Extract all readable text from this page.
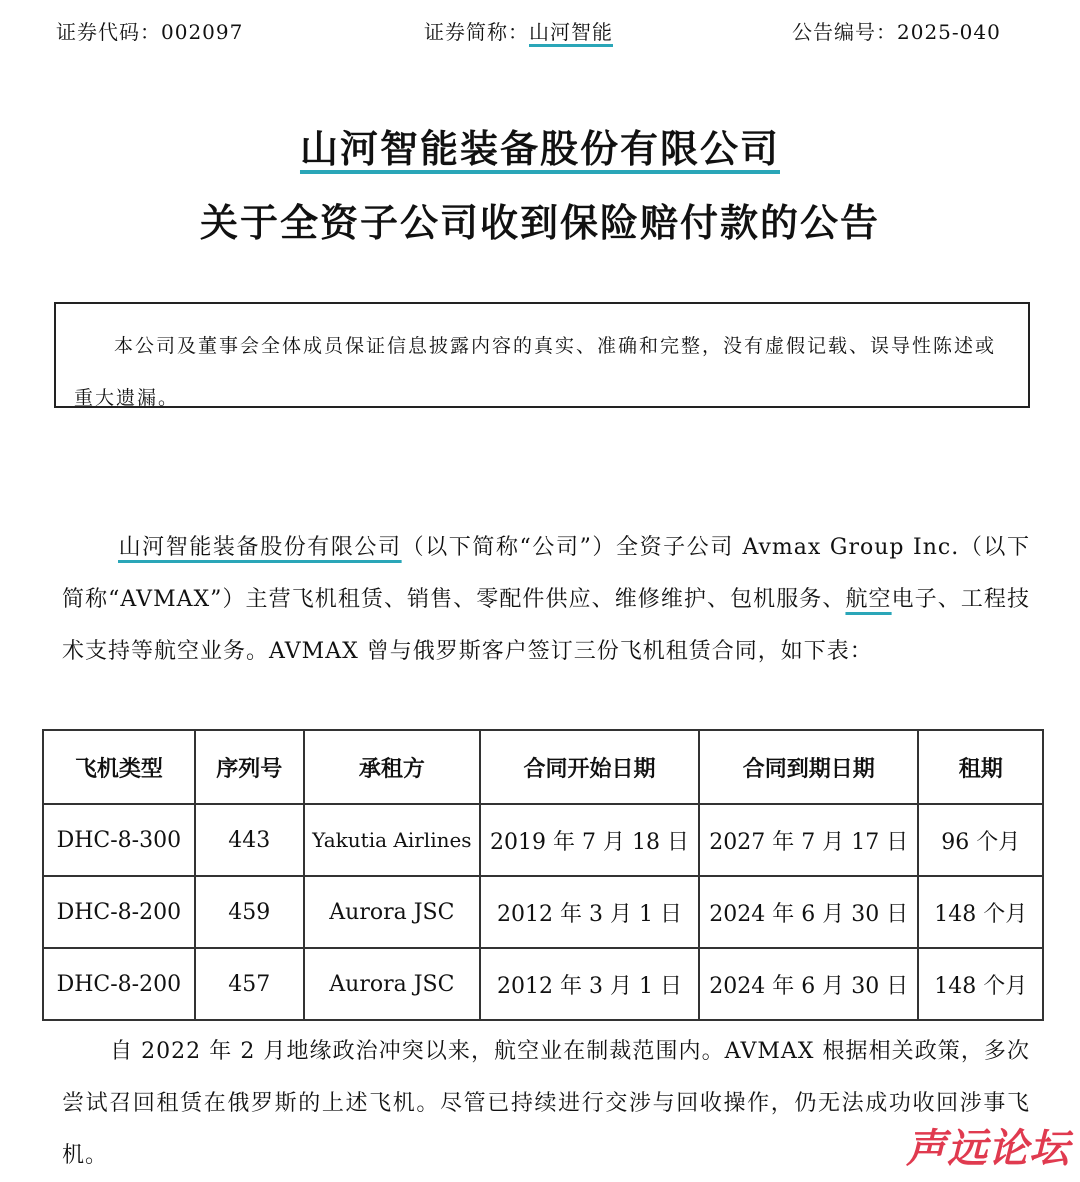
证券代码：002097	证券简称：山河智能	公告编号：2025-040
山河智能装备股份有限公司
关于全资子公司收到保险赔付款的公告
本公司及董事会全体成员保证信息披露内容的真实、准确和完整，没有虚假记载、误导性陈述或重大遗漏。
山河智能装备股份有限公司（以下简称“公司”）全资子公司 Avmax Group Inc.（以下简称“AVMAX”）主营飞机租赁、销售、零配件供应、维修维护、包机服务、航空电子、工程技术支持等航空业务。AVMAX 曾与俄罗斯客户签订三份飞机租赁合同，如下表：
飞机类型	序列号	承租方	合同开始日期	合同到期日期	租期
DHC-8-300	443	Yakutia Airlines	2019 年 7 月 18 日	2027 年 7 月 17 日	96 个月
DHC-8-200	459	Aurora JSC	2012 年 3 月 1 日	2024 年 6 月 30 日	148 个月
DHC-8-200	457	Aurora JSC	2012 年 3 月 1 日	2024 年 6 月 30 日	148 个月
自 2022 年 2 月地缘政治冲突以来，航空业在制裁范围内。AVMAX 根据相关政策，多次尝试召回租赁在俄罗斯的上述飞机。尽管已持续进行交涉与回收操作，仍无法成功收回涉事飞机。	声远论坛
